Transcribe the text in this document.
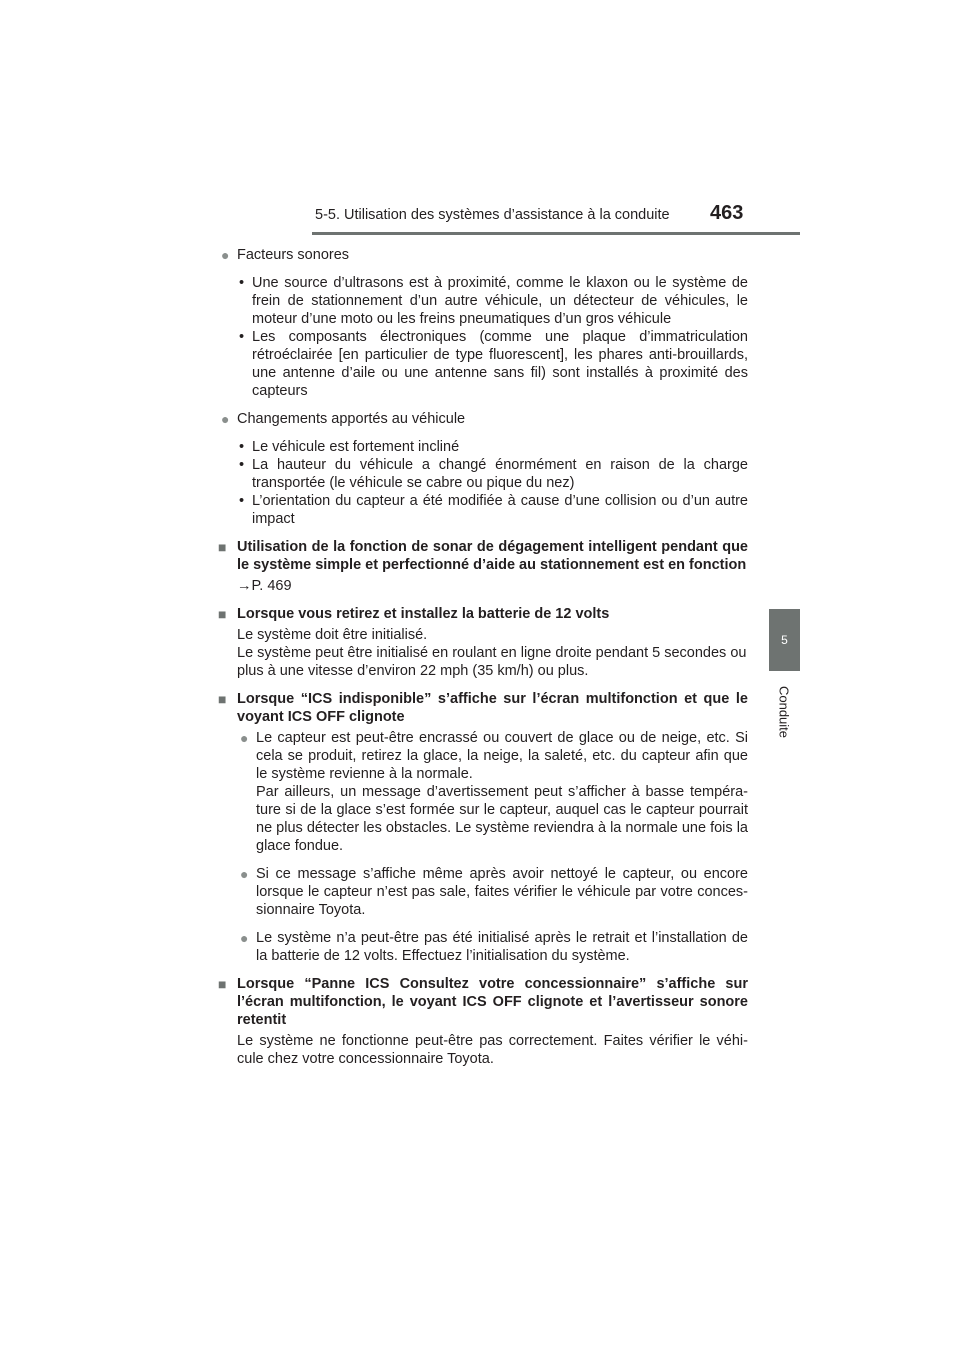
5-5. Utilisation des systèmes d’assistance à la conduite 463
5
Conduite
● Facteurs sonores
• Une source d’ultrasons est à proximité, comme le klaxon ou le système de frein de stationnement d’un autre véhicule, un détecteur de véhicules, le moteur d’une moto ou les freins pneumatiques d’un gros véhicule
• Les composants électroniques (comme une plaque d’immatriculation rétroéclairée [en particulier de type fluorescent], les phares anti-brouillards, une antenne d’aile ou une antenne sans fil) sont installés à proximité des capteurs
● Changements apportés au véhicule
• Le véhicule est fortement incliné
• La hauteur du véhicule a changé énormément en raison de la charge transportée (le véhicule se cabre ou pique du nez)
• L’orientation du capteur a été modifiée à cause d’une collision ou d’un autre impact
■ Utilisation de la fonction de sonar de dégagement intelligent pendant que le système simple et perfectionné d’aide au stationnement est en fonction
→P. 469
■ Lorsque vous retirez et installez la batterie de 12 volts
Le système doit être initialisé.
Le système peut être initialisé en roulant en ligne droite pendant 5 secondes ou plus à une vitesse d’environ 22 mph (35 km/h) ou plus.
■ Lorsque “ICS indisponible” s’affiche sur l’écran multifonction et que le voyant ICS OFF clignote
● Le capteur est peut-être encrassé ou couvert de glace ou de neige, etc. Si cela se produit, retirez la glace, la neige, la saleté, etc. du capteur afin que le système revienne à la normale.
Par ailleurs, un message d’avertissement peut s’afficher à basse tempéra-ture si de la glace s’est formée sur le capteur, auquel cas le capteur pourrait ne plus détecter les obstacles. Le système reviendra à la normale une fois la glace fondue.
● Si ce message s’affiche même après avoir nettoyé le capteur, ou encore lorsque le capteur n’est pas sale, faites vérifier le véhicule par votre conces-sionnaire Toyota.
● Le système n’a peut-être pas été initialisé après le retrait et l’installation de la batterie de 12 volts. Effectuez l’initialisation du système.
■ Lorsque “Panne ICS Consultez votre concessionnaire” s’affiche sur l’écran multifonction, le voyant ICS OFF clignote et l’avertisseur sonore retentit
Le système ne fonctionne peut-être pas correctement. Faites vérifier le véhi-cule chez votre concessionnaire Toyota.
